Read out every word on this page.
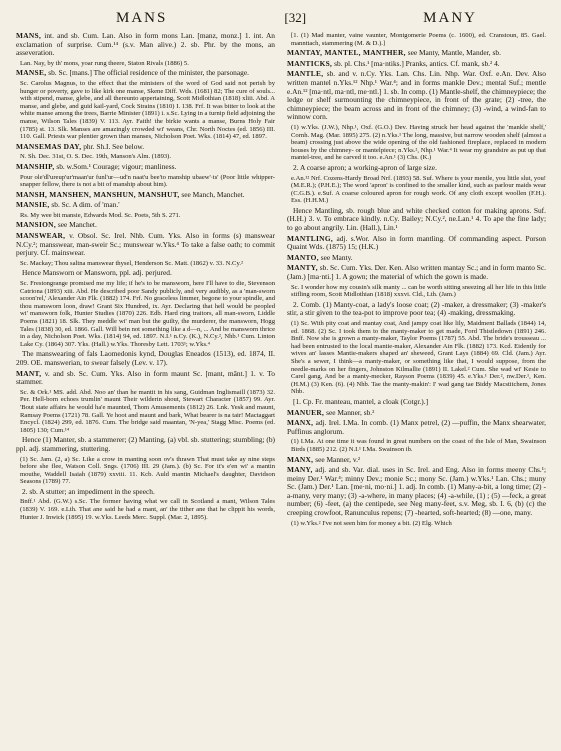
MANS	[32]	MANY

MANS, int. and sb. Cum. Lan. Also in form mons Lan. [manz, monz.] 1. int. An exclamation of surprise. Cum.¹⁴ (s.v. Man alive.) 2. sb. Phr. by the mons, an asseveration.

Lan. Nay, by th' mons, yoar rung theere, Staton Rivals (1886) 5.

MANSE, sb. Sc. [mans.] The official residence of the minister, the parsonage.

Sc. Carolus Magnus, to the effect that the ministers of the word of God said not perish by hunger or poverty, gave to like kirk one manse, Skene Diff. Wds. (1681) 82; The cure of souls... with stipend, manse, glebe, and all thereunto appertaining, Scott Midlothian (1818) xliii. Abd. A manse, and glebe, and guid kail-yard, Cock Strains (1810) I. 138. Frf. It was bitter to look at the white manse among the trees, Barrie Minister (1891) i. s.Sc. Lying in a turnip field adjoining the manse, Wilson Tales (1839) V. 113. Ayr. Faith! the birkie wants a manse, Burns Holy Fair (1785) st. 13. Slk. Manses are amazingly crowded wi' weans, Chr. North Noctes (ed. 1856) III. 110. Gall. Priests war plentier grown than manses, Nicholson Poet. Wks. (1814) 47, ed. 1897.

MANSEMAS DAY, phr. Sh.I. See below.

N. Sh. Dec. 31st, O. S. Dec. 19th, Manson's Alm. (1893).

MANSHIP, sb. w.Som.¹ Courage; vigour; manliness.

Pour ole'dl'ureup'ur'maan'ur funl'ur—ud'n naat'u bee'to manship ubaew'·ts' (Poor little whipper-snapper fellow, there is not a bit of manship about him).

MANSH, MANSHEN, MANSHUN, MANSHUT, see Manch, Manchet.

MANSIE, sb. Sc. A dim. of 'man.'

Rs. My wee bit mansie, Edwards Mod. Sc. Poets, 5th S. 271.

MANSION, see Manchet.

MANSWEAR, v. Obsol. Sc. Irel. Nhb. Cum. Yks. Also in forms (s) manswear N.Cy.²; mansswear, man-sweir Sc.; munswear w.Yks.⁴ To take a false oath; to commit perjury. Cf. mainswear.

Sc. Mackay; Thou saltna manswear thysel, Henderson Sc. Matt. (1862) v. 33. N.Cy.²

Hence Mansworn or Mansworn, ppl. adj. perjured.

Sc. Frestongrange promised me my life; if he's to be mansworn, here I'll have to die, Stevenson Catriona (1893) xiii. Abd. He described poor Sandy publicly, and very audibly, as a 'man-sworn scoon'rel,' Alexander Ain Flk. (1882) 174. Frf. No graceless limmer, begone to your spindle, and thou mansworn loon, draw! Grant Six Hundred, ix. Ayr. Declaring that hell would be peopled wi' mansworn folk, Hunter Studies (1870) 226. Edb. Hard ring traitors, all man-sworn, Liddle Poems (1821) 18. Slk. They meddle wi' man but the guilty, the murderer, the mansworn, Hogg Tales (1838) 30, ed. 1866. Gall. Will bein not something like a d—n, ... And be mansworn thrice in a day, Nicholson Poet. Wks. (1814) 94, ed. 1897. N.I.¹ n.Cy. (K.), N.Cy.², Nhb.¹ Cum. Linton Lake Cy. (1864) 307. Yks. (Hall.) w.Yks. Thoresby Lett. 1703¹; w.Yks.⁴

The manswearing of fals Laomedonis kynd, Douglas Eneados (1513), ed. 1874, II. 209. OE. manswerian, to swear falsely (Lev. v. 17).

MANT, v. and sb. Sc. Cum. Yks. Also in form maunt Sc. [mant, mānt.] 1. v. To stammer.

Sc. & Ork.¹ MS. add. Abd. Noo an' than he mantit in his sang, Guidman Inglismaill (1873) 32. Per. Hell-born echoes trumlin' maunt Their wilderin shout, Stewart Character (1857) 99. Ayr. 'Bout state affairs he would ha'e maunted, Thom Amusements (1812) 26. Lnk. Yesk and maunt, Ramsay Poems (1721) 78. Gall. Ye hoot and maunt and bark, What bearer is na tair! Mactaggart Encycl. (1824) 299, ed. 1876. Cum. The bridge said maantan, 'N-yea,' Stagg Misc. Poems (ed. 1805) 130; Cum.¹⁴

Hence (1) Manter, sb. a stammerer; (2) Manting, (a) vbl. sb. stuttering; stumbling; (b) ppl. adj. stammering, stuttering.

(1) Sc. Jam. (2, a) Sc. Like a crow in manting soon ov's thrawn That must take ay nine steps before she flee, Watson Coll. Sngs. (1706) III. 29 (Jam.). (b) Sc. For it's e'en wi' a mantin mouthe, Waddell Isaiah (1879) xxviii. 11. Kcb. Auld mantin Michael's daughter, Davidson Seasons (1789) 77.

2. sb. A stutter; an impediment in the speech.

Bnff.¹ Abd. (G.W.) s.Sc. The former having what we call in Scotland a mant, Wilson Tales (1839) V. 169. e.Lth. That ane said he had a mant, an' the tither ane that he clippit his words, Hunter J. Inwick (1895) 19. w.Yks. Leeds Merc. Suppl. (Mar. 2, 1895).

[1. (1) Mad manter, vaine vaunter, Montgomerie Poems (c. 1600), ed. Cranstoun, 85. Gael. mannttach, stammering (M. & D.).]

MANTAY, MANTEL, MANTHER, see Manty, Mantle, Mander, sb.

MANTICKS, sb. pl. Chs.¹ [ma·ntiks.] Pranks, antics. Cf. mank, sb.² 4.

MANTLE, sb. and v. n.Cy. Yks. Lan. Chs. Lin. Nhp. War. Oxf. e.An. Dev. Also written mantel n.Yks.¹² Nhp.¹ War.⁴; and in forms mankle Dev.; mental Suf.; mentle e.An.¹² [ma·ntl, ma·ntl, me·ntl.] 1. sb. In comp. (1) Mantle-shelf, the chimneypiece; the ledge or shelf surmounting the chimneypiece, in front of the grate; (2) -tree, the chimneypiece; the beam across and in front of the chimney; (3) -wind, a wind-fan to winnow corn.

(1) w.Yks. (J.W.), Nhp.¹, Oxf. (G.O.) Dev. Having struck her head against the 'mankle shelf,' Cornh. Mag. (Mar. 1895) 275. (2) n.Yks.¹ The long, massive, but narrow wooden shelf (almost a beam) crossing just above the wide opening of the old fashioned fireplace, replaced in modern houses by the chimney- or mantelpiece; n.Yks.², Nhp.¹ War.⁴ It wear my grandsire as put up that mantel-tree, and he carved it too. e.An.¹ (3) Chs. (K.)

2. A coarse apron; a working-apron of large size.

e.An.¹² Nrf. Cozens-Hardy Broad Nrf. (1893) 58. Suf. Where is your mentle, you little slut, you! (M.E.R.); (P.H.E.); The word 'apron' is confined to the smaller kind, such as parlour maids wear (C.G.B.). e.Suf. A coarse coloured apron for rough work. Of any cloth except woollen (F.H.). Ess. (H.H.M.)

Hence Mantling, sb. rough blue and white checked cotton for making aprons. Suf. (H.H.) 3. v. To embrace kindly. n.Cy. Bailey; N.Cy.², ne.Lan.¹ 4. To ape the fine lady; to go about angrily. Lin. (Hall.), Lin.¹

MANTLING, adj. s.Wor. Also in form mantling. Of commanding aspect. Porson Quaint Wds. (1875) 15; (H.K.)

MANTO, see Manty.

MANTY, sb. Sc. Cum. Yks. Der. Ken. Also written mantay Sc.; and in form manto Sc. (Jam.) [ma·nti.] 1. A gown; the material of which the gown is made.

Sc. I wonder how my cousin's silk manty ... can be worth sitting sneezing all her life in this little stifling room, Scott Midlothian (1818) xxxvi. Cld., Lth. (Jam.)

2. Comb. (1) Manty-coat, a lady's loose coat; (2) -maker, a dressmaker; (3) -maker's stir, a stir given to the tea-pot to improve poor tea; (4) -making, dressmaking.

(1) Sc. With pity coat and mantay coat, And jampy coat like lily, Maidment Ballads (1844) 14, ed. 1868. (2) Sc. I took them to the manty-maker to get made, Ford Thistledown (1891) 246. Bnff. Now she is grown a manty-maker, Taylor Poems (1787) 55. Abd. The bride's trousseau ... had been entrusted to the local mantie-maker, Alexander Ain Flk. (1882) 173. Kcd. Eidently for wives an' lasses Mantie-makers shaped an' sheweed, Grant Lays (1884) 69. Cld. (Jam.) Ayr. She's a sewer, I think—a manty-maker, or something like that, I would suppose, from the needle-marks on her fingers, Johnston Kilmallie (1891) II. Lakel.² Cum. She wad wi' Kesie to Carel gang, And be a manty-mecker, Rayson Poems (1839) 45. e.Yks.¹ Der.², nw.Der.¹, Ken. (H.M.) (3) Ken. (6). (4) Nhb. Tae the manty-makin': I' wad gang tae Biddy Macstitchem, Jones Nhb.

[1. Cp. Fr. manteau, mantel, a cloak (Cotgr.).]

MANUER, see Manner, sb.²

MANX, adj. Irel. I.Ma. In comb. (1) Manx petrel, (2) —puffin, the Manx shearwater, Puffinus anglorum.

(1) I.Ma. At one time it was found in great numbers on the coast of the Isle of Man, Swainson Birds (1885) 212. (2) N.I.¹ I.Ma. Swainson ib.

MANX, see Manner, v.²

MANY, adj. and sb. Var. dial. uses in Sc. Irel. and Eng. Also in forms meeny Chs.¹; meiny Der.¹ War.⁴; minny Dev.; monie Sc.; mony Sc. (Jam.) w.Yks.¹ Lan. Chs.; muny Sc. (Jam.) Der.¹ Lan. [me·ni, mo·ni.] 1. adj. In comb. (1) Many-a-bit, a long time; (2) -a-many, very many; (3) -a-where, in many places; (4) -a-while, (1) ; (5) —feck, a great number; (6) -feet, (a) the centipede, see Neg many-feet, s.v. Meg, sb. I. 6, (b) (c) the creeping crowfoot, Ranunculus repens; (7) -hearted, soft-hearted; (8) —one, many.

(1) w.Yks.² I've not seen him for money a bit. (2) Elg. Which
